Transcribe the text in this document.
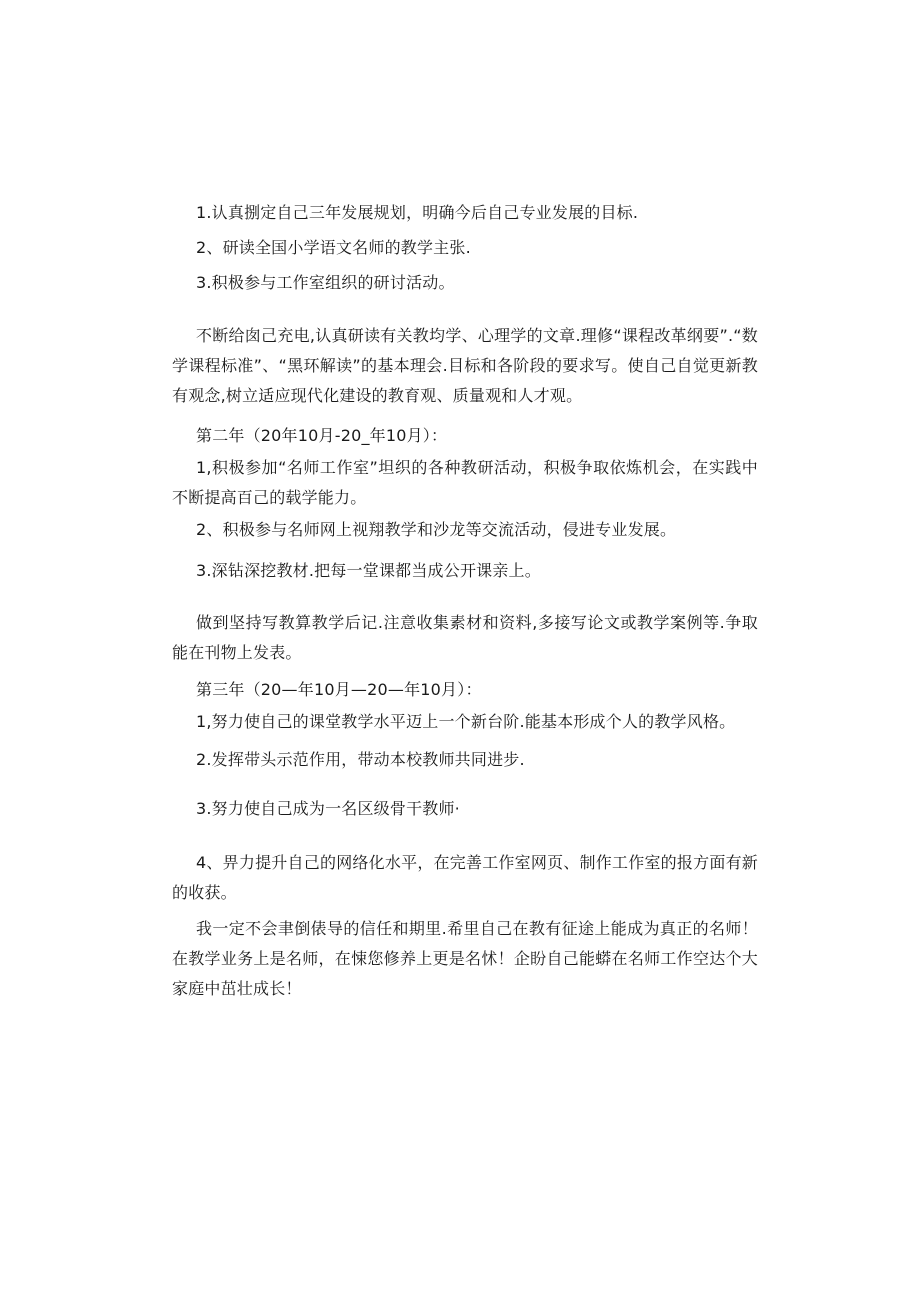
1.认真捌定自己三年发展规划，明确今后自己专业发展的目标.

2、研读全国小学语文名师的教学主张.

3.积极参与工作室组织的研讨活动。

不断给囱己充电,认真研读有关教均学、心理学的文章.理修“课程改革纲要”.“数学课程标准”、“黑环解读”的基本理会.目标和各阶段的要求写。使自己自觉更新教有观念,树立适应现代化建设的教育观、质量观和人才观。

第二年（20年10月-20_年10月）：

1,积极参加“名师工作室”坦织的各种教研活动，积极争取依炼机会，在实践中不断提高百己的载学能力。

2、积极参与名师网上视翔教学和沙龙等交流活动，侵进专业发展。

3.深钻深挖教材.把每一堂课都当成公开课亲上。

做到坚持写教算教学后记.注意收集素材和资料,多接写论文或教学案例等.争取能在刊物上发表。

第三年（20—年10月—20—年10月）：

1,努力使自己的课堂教学水平迈上一个新台阶.能基本形成个人的教学风格。

2.发挥带头示范作用，带动本校教师共同进步.

3.努力使自己成为一名区级骨干教师·

4、畀力提升自己的网络化水平，在完善工作室网页、制作工作室的报方面有新的收获。

我一定不会聿倒俵导的信任和期里.希里自己在教有征途上能成为真正的名师！在教学业务上是名师，在悚您修养上更是名怵！企盼自己能蟒在名师工作空达个大家庭中茁壮成长！
